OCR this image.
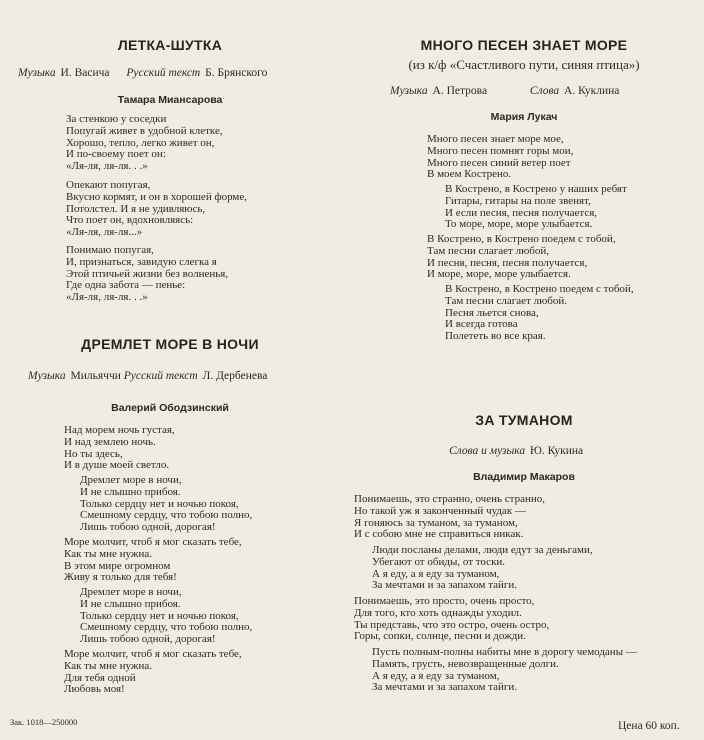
ЛЕТКА-ШУТКА

Музыка И. Васича Русский текст Б. Брянского

Тамара Миансарова

За стенкою у соседки
Попугай живет в удобной клетке,
Хорошо, тепло, легко живет он,
И по-своему поет он:
«Ля-ля, ля-ля. . .»
Опекают попугая,
Вкусно кормят, и он в хорошей форме,
Потолстел. И я не удивляюсь,
Что поет он, вдохновляясь:
«Ля-ля, ля-ля...»
Понимаю попугая,
И, признаться, завидую слегка я
Этой птичьей жизни без волненья,
Где одна забота — пенье:
«Ля-ля, ля-ля. . .»
ДРЕМЛЕТ МОРЕ В НОЧИ

Музыка Мильяччи Русский текст Л. Дербенева

Валерий Ободзинский

Над морем ночь густая,
И над землею ночь.
Но ты здесь,
И в душе моей светло.
Дремлет море в ночи,
И не слышно прибоя.
Только сердцу нет и ночью покоя,
Смешному сердцу, что тобою полно,
Лишь тобою одной, дорогая!
Море молчит, чтоб я мог сказать тебе,
Как ты мне нужна.
В этом мире огромном
Живу я только для тебя!
Дремлет море в ночи,
И не слышно прибоя.
Только сердцу нет и ночью покоя,
Смешному сердцу, что тобою полно,
Лишь тобою одной, дорогая!
Море молчит, чтоб я мог сказать тебе,
Как ты мне нужна.
Для тебя одной
Любовь моя!
МНОГО ПЕСЕН ЗНАЕТ МОРЕ

(из к/ф «Счастливого пути, синяя птица»)

Музыка А. Петрова	Слова А. Куклина

Мария Лукач

Много песен знает море мое,
Много песен помнят горы мои,
Много песен синий ветер поет
В моем Кострено.
В Кострено, в Кострено у наших ребят
Гитары, гитары на поле звенят,
И если песня, песня получается,
То море, море, море улыбается.
В Кострено, в Кострено поедем с тобой,
Там песни слагает любой,
И песня, песня, песня получается,
И море, море, море улыбается.
В Кострено, в Кострено поедем с тобой,
Там песни слагает любой.
Песня льется снова,
И всегда готова
Полететь во все края.
ЗА ТУМАНОМ

Слова и музыка Ю. Кукина

Владимир Макаров

Понимаешь, это странно, очень странно,
Но такой уж я законченный чудак —
Я гоняюсь за туманом, за туманом,
И с собою мне не справиться никак.
Люди посланы делами, люди едут за деньгами,
Убегают от обиды, от тоски.
А я еду, а я еду за туманом,
За мечтами и за запахом тайги.
Понимаешь, это просто, очень просто,
Для того, кто хоть однажды уходил.
Ты представь, что это остро, очень остро,
Горы, сопки, солнце, песни и дожди.
Пусть полным-полны набиты мне в дорогу чемоданы —
Память, грусть, невозвращенные долги.
А я еду, а я еду за туманом,
За мечтами и за запахом тайги.

Зак. 1018—250000	Цена 60 коп.
